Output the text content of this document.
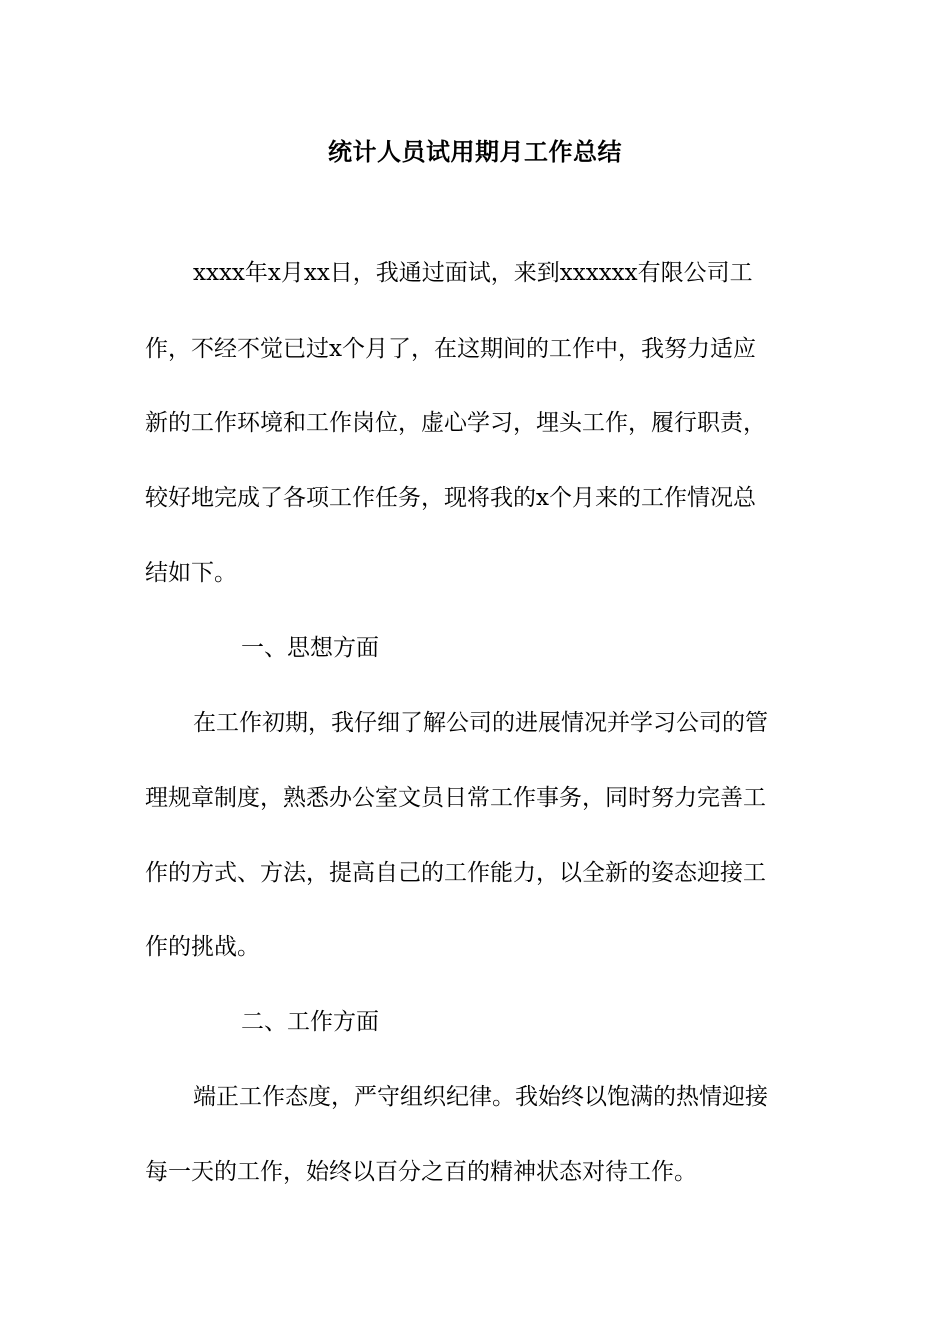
统计人员试用期月工作总结
xxxx年x月xx日，我通过面试，来到xxxxxx有限公司工
作，不经不觉已过x个月了，在这期间的工作中，我努力适应
新的工作环境和工作岗位，虚心学习，埋头工作，履行职责，
较好地完成了各项工作任务，现将我的x个月来的工作情况总
结如下。
一、思想方面
在工作初期，我仔细了解公司的进展情况并学习公司的管
理规章制度，熟悉办公室文员日常工作事务，同时努力完善工
作的方式、方法，提高自己的工作能力，以全新的姿态迎接工
作的挑战。
二、工作方面
端正工作态度，严守组织纪律。我始终以饱满的热情迎接
每一天的工作，始终以百分之百的精神状态对待工作。
